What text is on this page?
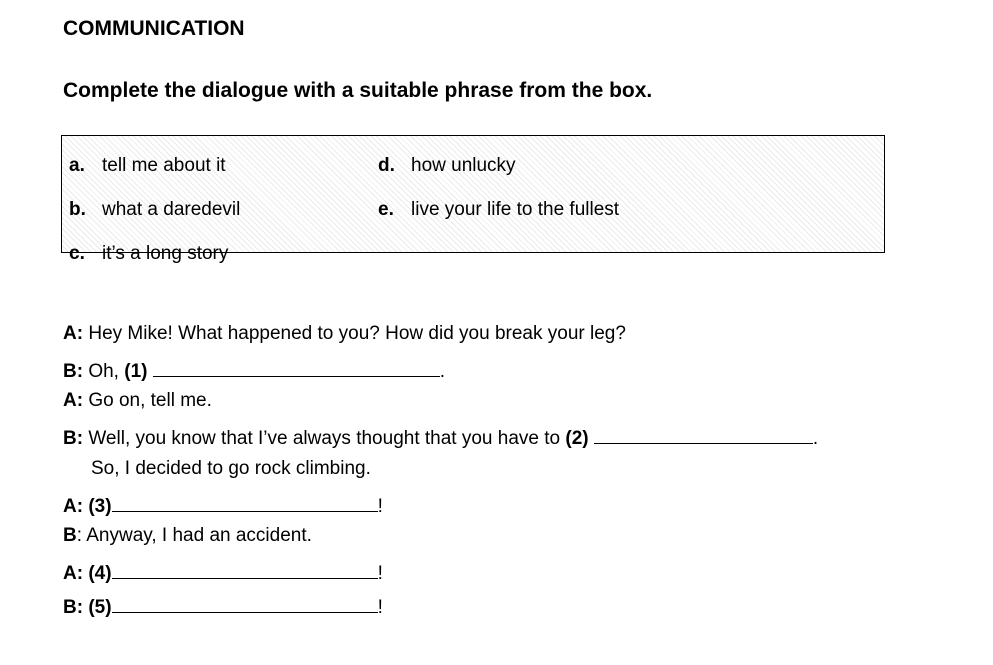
COMMUNICATION
Complete the dialogue with a suitable phrase from the box.
a. tell me about it
b. what a daredevil
c. it’s a long story
d. how unlucky
e. live your life to the fullest
A: Hey Mike! What happened to you? How did you break your leg?
B: Oh, (1)	.
A: Go on, tell me.
B: Well, you know that I’ve always thought that you have to (2)	.
So, I decided to go rock climbing.
A: (3)	!
B: Anyway, I had an accident.
A: (4)	!
B: (5)	!
